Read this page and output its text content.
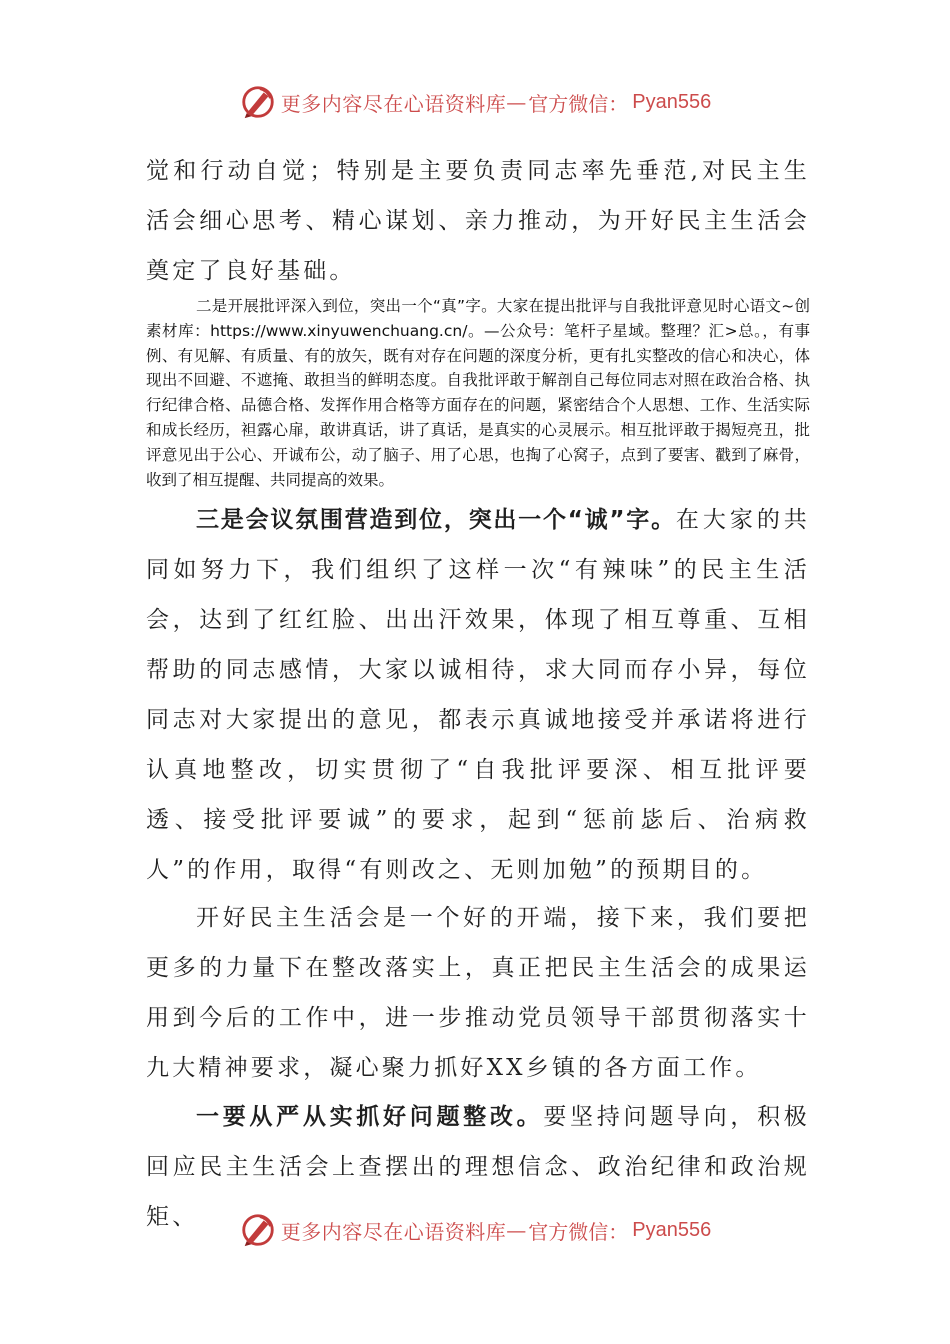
更多内容尽在心语资料库 — 官方微信： Pyan556

觉和行动自觉；特别是主要负责同志率先垂范,对民主生活会细心思考、精心谋划、亲力推动，为开好民主生活会奠定了良好基础。

二是开展批评深入到位，突出一个“真”字。大家在提出批评与自我批评意见时心语文~创素材库：https://www.xinyuwenchuang.cn/。—公众号：笔杆子星域。整理？汇>总。，有事例、有见解、有质量、有的放矢，既有对存在问题的深度分析，更有扎实整改的信心和决心，体现出不回避、不遮掩、敢担当的鲜明态度。自我批评敢于解剖自己每位同志对照在政治合格、执行纪律合格、品德合格、发挥作用合格等方面存在的问题，紧密结合个人思想、工作、生活实际和成长经历，袒露心扉，敢讲真话，讲了真话，是真实的心灵展示。相互批评敢于揭短亮丑，批评意见出于公心、开诚布公，动了脑子、用了心思，也掏了心窝子，点到了要害、戳到了麻骨，收到了相互提醒、共同提高的效果。

三是会议氛围营造到位，突出一个“诚”字。在大家的共同如努力下，我们组织了这样一次“有辣味”的民主生活会，达到了红红脸、出出汗效果，体现了相互尊重、互相帮助的同志感情，大家以诚相待，求大同而存小异，每位同志对大家提出的意见，都表示真诚地接受并承诺将进行认真地整改，切实贯彻了“自我批评要深、相互批评要透、接受批评要诚”的要求，起到“惩前毖后、治病救人”的作用，取得“有则改之、无则加勉”的预期目的。

开好民主生活会是一个好的开端，接下来，我们要把更多的力量下在整改落实上，真正把民主生活会的成果运用到今后的工作中，进一步推动党员领导干部贯彻落实十九大精神要求，凝心聚力抓好XX乡镇的各方面工作。

一要从严从实抓好问题整改。要坚持问题导向，积极回应民主生活会上查摆出的理想信念、政治纪律和政治规矩、

更多内容尽在心语资料库 — 官方微信： Pyan556
